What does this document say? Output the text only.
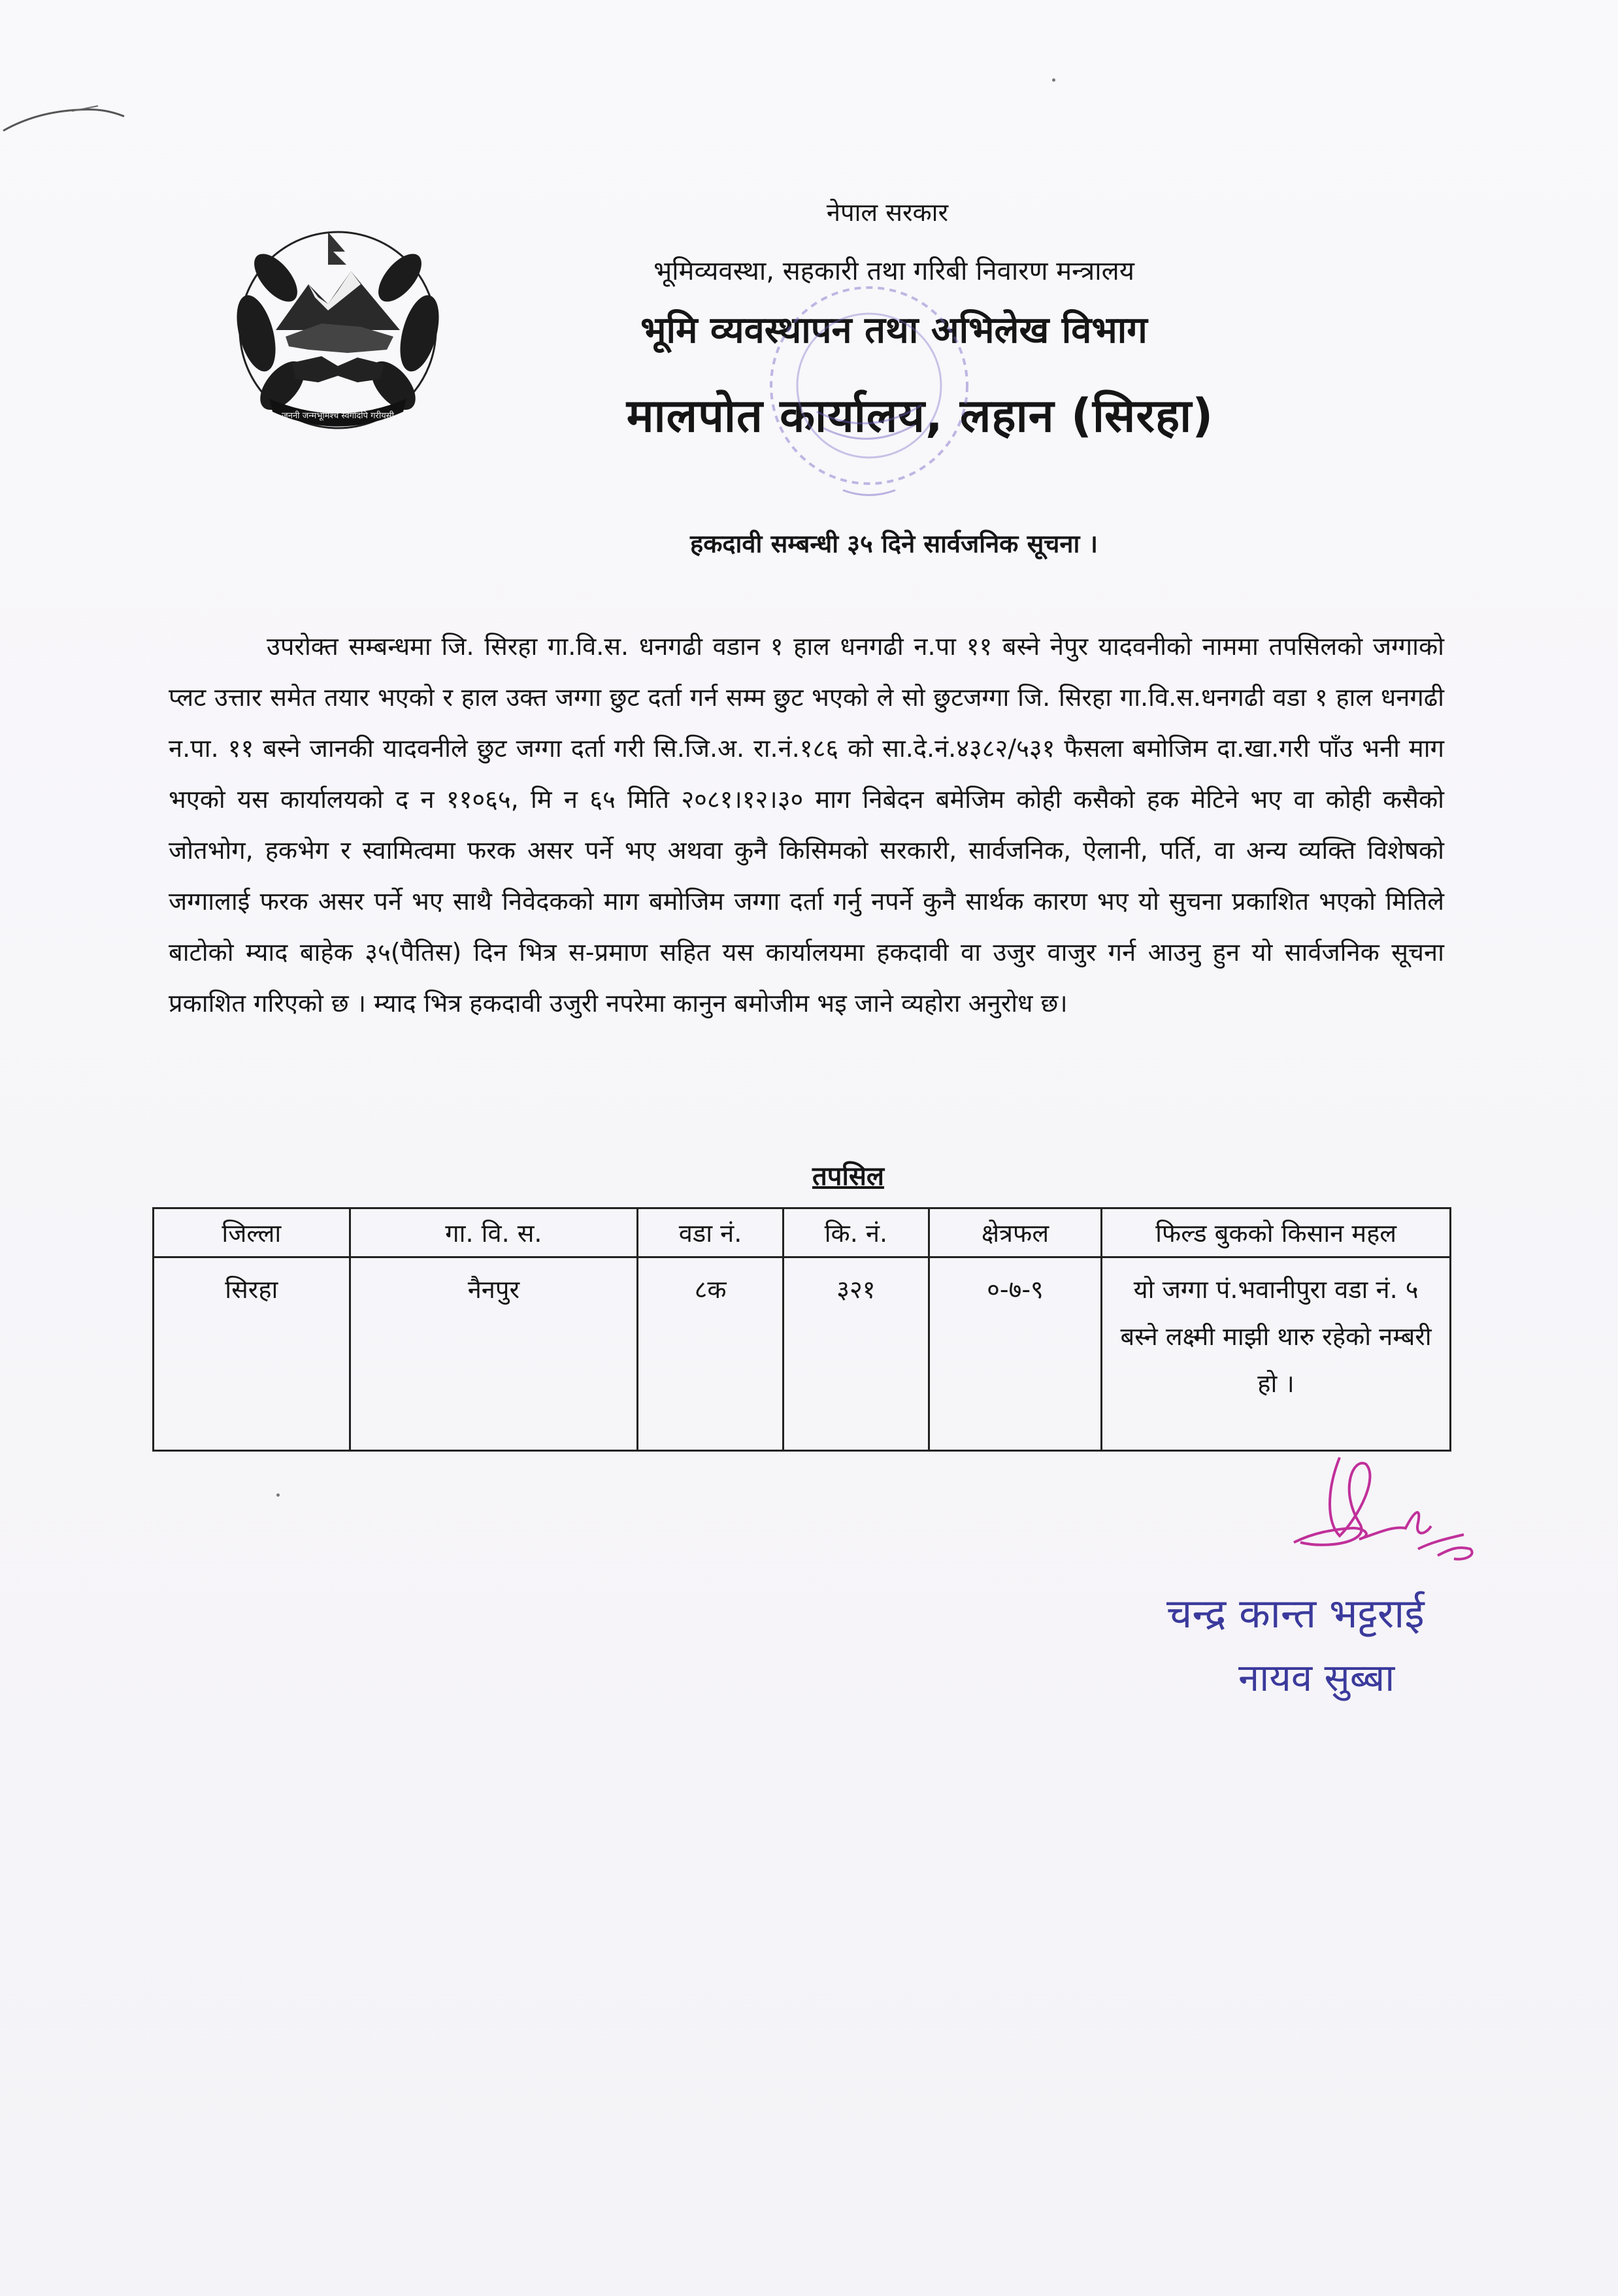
जननी जन्मभूमिश्च स्वर्गादपि गरीयसी
नेपाल सरकार
भूमिव्यवस्था, सहकारी तथा गरिबी निवारण मन्त्रालय
भूमि व्यवस्थापन तथा अभिलेख विभाग
मालपोत कार्यालय, लहान (सिरहा)
हकदावी सम्बन्धी ३५ दिने सार्वजनिक सूचना ।
उपरोक्त सम्बन्धमा जि. सिरहा गा.वि.स. धनगढी वडान १ हाल धनगढी न.पा ११ बस्ने नेपुर यादवनीको नाममा तपसिलको जग्गाको प्लट उत्तार समेत तयार भएको र हाल उक्त जग्गा छुट दर्ता गर्न सम्म छुट भएको ले सो छुटजग्गा जि. सिरहा गा.वि.स.धनगढी वडा १ हाल धनगढी न.पा. ११ बस्ने जानकी यादवनीले छुट जग्गा दर्ता गरी सि.जि.अ. रा.नं.१८६ को सा.दे.नं.४३८२/५३१ फैसला बमोजिम दा.खा.गरी पाँउ भनी माग भएको यस कार्यालयको द न ११०६५, मि न ६५ मिति २०८१।१२।३० माग निबेदन बमेजिम कोही कसैको हक मेटिने भए वा कोही कसैको जोतभोग, हकभेग र स्वामित्वमा फरक असर पर्ने भए अथवा कुनै किसिमको सरकारी, सार्वजनिक, ऐलानी, पर्ति, वा अन्य व्यक्ति विशेषको जग्गालाई फरक असर पर्ने भए साथै निवेदकको माग बमोजिम जग्गा दर्ता गर्नु नपर्ने कुनै सार्थक कारण भए यो सुचना प्रकाशित भएको मितिले बाटोको म्याद बाहेक ३५(पैतिस) दिन भित्र स-प्रमाण सहित यस कार्यालयमा हकदावी वा उजुर वाजुर गर्न आउनु हुन यो सार्वजनिक सूचना प्रकाशित गरिएको छ । म्याद भित्र हकदावी उजुरी नपरेमा कानुन बमोजीम भइ जाने व्यहोरा अनुरोध छ।
तपसिल
जिल्ला	गा. वि. स.	वडा नं.	कि. नं.	क्षेत्रफल	फिल्ड बुकको किसान महल
सिरहा	नैनपुर	८क	३२१	०-७-९	यो जग्गा पं.भवानीपुरा वडा नं. ५ बस्ने लक्ष्मी माझी थारु रहेको नम्बरी हो ।
चन्द्र कान्त भट्टराई
नायव सुब्बा
